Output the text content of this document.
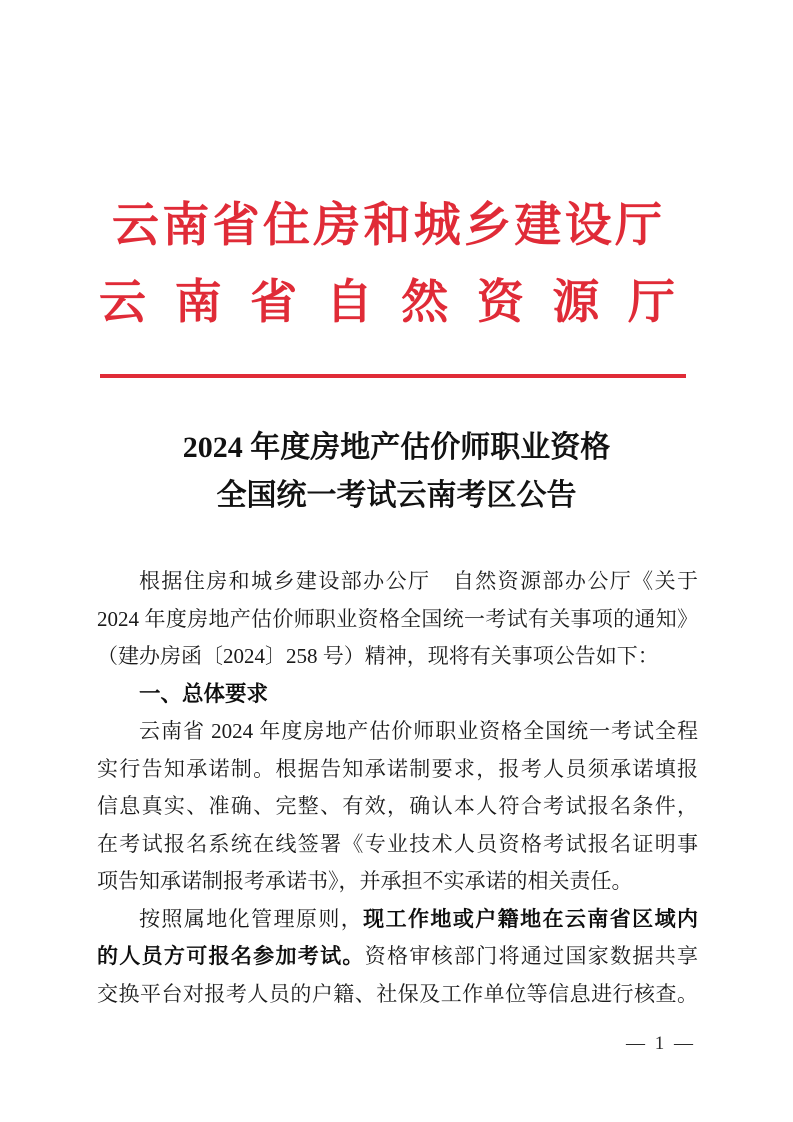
云南省住房和城乡建设厅
云南省自然资源厅
2024 年度房地产估价师职业资格
全国统一考试云南考区公告
根据住房和城乡建设部办公厅　自然资源部办公厅《关于
2024 年度房地产估价师职业资格全国统一考试有关事项的通知》
（建办房函〔2024〕258 号）精神，现将有关事项公告如下：
一、总体要求
云南省 2024 年度房地产估价师职业资格全国统一考试全程
实行告知承诺制。根据告知承诺制要求，报考人员须承诺填报
信息真实、准确、完整、有效，确认本人符合考试报名条件，
在考试报名系统在线签署《专业技术人员资格考试报名证明事
项告知承诺制报考承诺书》，并承担不实承诺的相关责任。
按照属地化管理原则，现工作地或户籍地在云南省区域内
的人员方可报名参加考试。资格审核部门将通过国家数据共享
交换平台对报考人员的户籍、社保及工作单位等信息进行核查。
— 1 —
